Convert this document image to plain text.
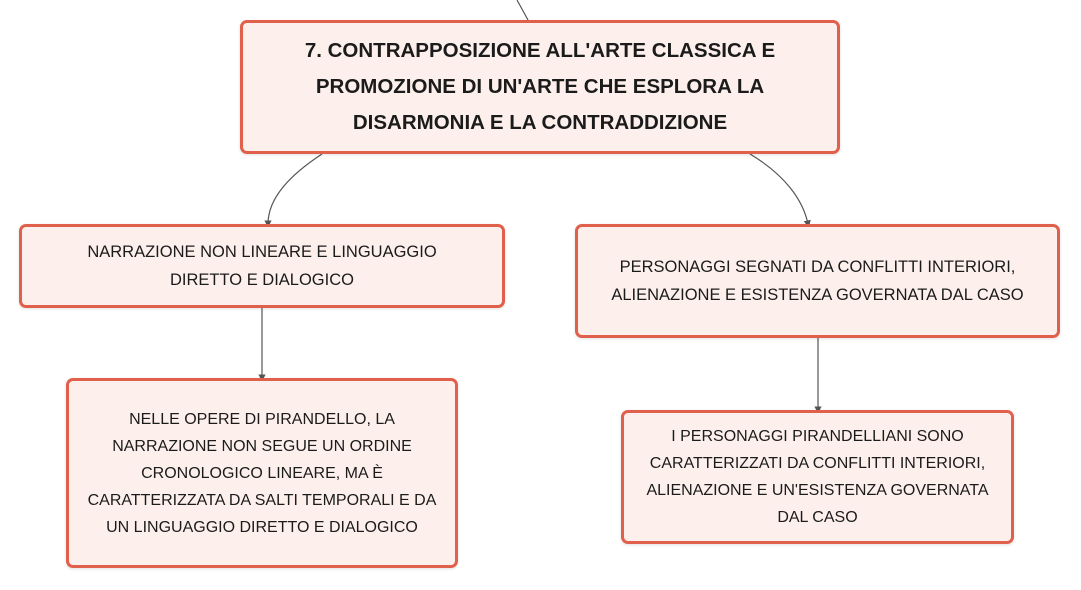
7. CONTRAPPOSIZIONE ALL'ARTE CLASSICA E
PROMOZIONE DI UN'ARTE CHE ESPLORA LA
DISARMONIA E LA CONTRADDIZIONE
NARRAZIONE NON LINEARE E LINGUAGGIO
DIRETTO E DIALOGICO
PERSONAGGI SEGNATI DA CONFLITTI INTERIORI,
ALIENAZIONE E ESISTENZA GOVERNATA DAL CASO
NELLE OPERE DI PIRANDELLO, LA
NARRAZIONE NON SEGUE UN ORDINE
CRONOLOGICO LINEARE, MA È
CARATTERIZZATA DA SALTI TEMPORALI E DA
UN LINGUAGGIO DIRETTO E DIALOGICO
I PERSONAGGI PIRANDELLIANI SONO
CARATTERIZZATI DA CONFLITTI INTERIORI,
ALIENAZIONE E UN'ESISTENZA GOVERNATA
DAL CASO
